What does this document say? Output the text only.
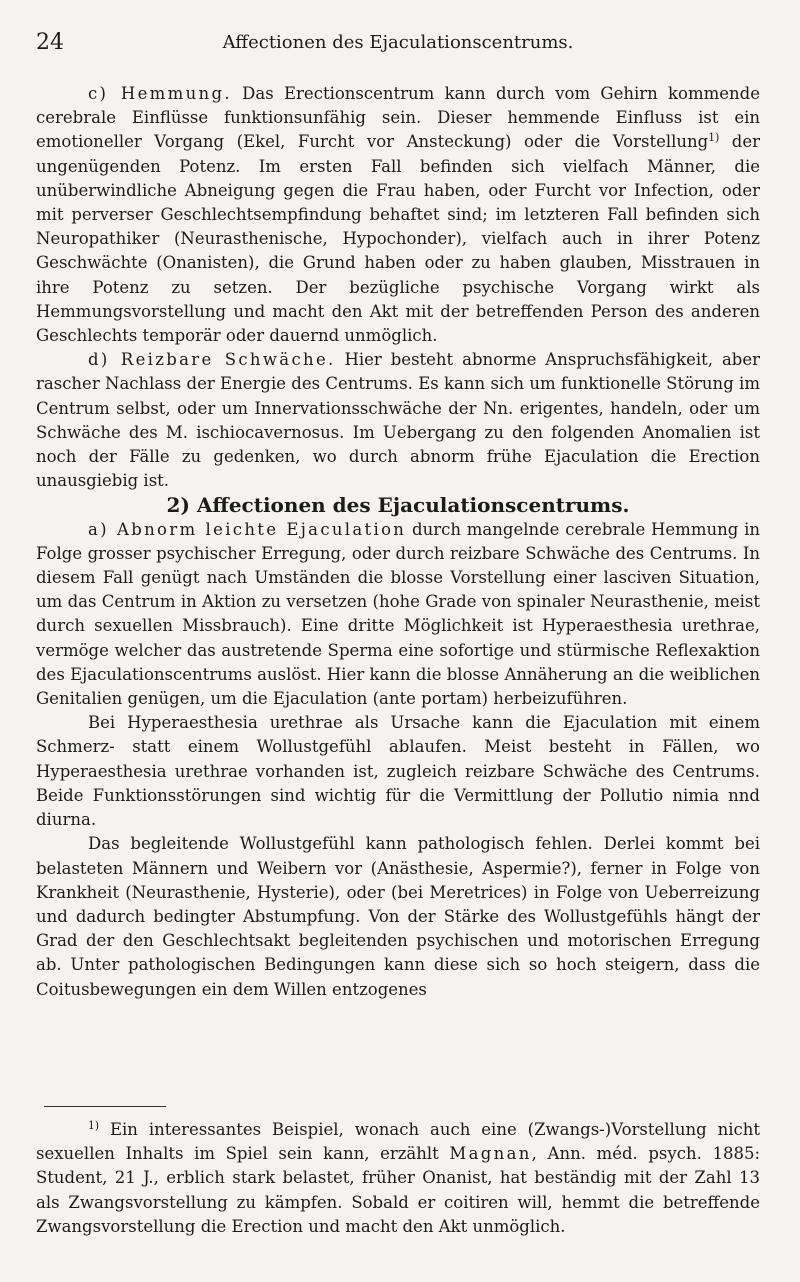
24	Affectionen des Ejaculationscentrums.

c) Hemmung. Das Erectionscentrum kann durch vom Gehirn kommende cerebrale Einflüsse funktionsunfähig sein. Dieser hemmende Einfluss ist ein emotioneller Vorgang (Ekel, Furcht vor Ansteckung) oder die Vorstellung$^{1)}$ der ungenügenden Potenz. Im ersten Fall befinden sich vielfach Männer, die unüberwindliche Abneigung gegen die Frau haben, oder Furcht vor Infection, oder mit perverser Geschlechtsempfindung behaftet sind; im letzteren Fall befinden sich Neuropathiker (Neurasthenische, Hypochonder), vielfach auch in ihrer Potenz Geschwächte (Onanisten), die Grund haben oder zu haben glauben, Misstrauen in ihre Potenz zu setzen. Der bezügliche psychische Vorgang wirkt als Hemmungsvorstellung und macht den Akt mit der betreffenden Person des anderen Geschlechts temporär oder dauernd unmöglich.

d) Reizbare Schwäche. Hier besteht abnorme Anspruchsfähigkeit, aber rascher Nachlass der Energie des Centrums. Es kann sich um funktionelle Störung im Centrum selbst, oder um Innervationsschwäche der Nn. erigentes, handeln, oder um Schwäche des M. ischiocavernosus. Im Uebergang zu den folgenden Anomalien ist noch der Fälle zu gedenken, wo durch abnorm frühe Ejaculation die Erection unausgiebig ist.

2) Affectionen des Ejaculationscentrums.

a) Abnorm leichte Ejaculation durch mangelnde cerebrale Hemmung in Folge grosser psychischer Erregung, oder durch reizbare Schwäche des Centrums. In diesem Fall genügt nach Umständen die blosse Vorstellung einer lasciven Situation, um das Centrum in Aktion zu versetzen (hohe Grade von spinaler Neurasthenie, meist durch sexuellen Missbrauch). Eine dritte Möglichkeit ist Hyperaesthesia urethrae, vermöge welcher das austretende Sperma eine sofortige und stürmische Reflexaktion des Ejaculationscentrums auslöst. Hier kann die blosse Annäherung an die weiblichen Genitalien genügen, um die Ejaculation (ante portam) herbeizuführen.

Bei Hyperaesthesia urethrae als Ursache kann die Ejaculation mit einem Schmerz- statt einem Wollustgefühl ablaufen. Meist besteht in Fällen, wo Hyperaesthesia urethrae vorhanden ist, zugleich reizbare Schwäche des Centrums. Beide Funktionsstörungen sind wichtig für die Vermittlung der Pollutio nimia nnd diurna.

Das begleitende Wollustgefühl kann pathologisch fehlen. Derlei kommt bei belasteten Männern und Weibern vor (Anästhesie, Aspermie?), ferner in Folge von Krankheit (Neurasthenie, Hysterie), oder (bei Meretrices) in Folge von Ueberreizung und dadurch bedingter Abstumpfung. Von der Stärke des Wollustgefühls hängt der Grad der den Geschlechtsakt begleitenden psychischen und motorischen Erregung ab. Unter pathologischen Bedingungen kann diese sich so hoch steigern, dass die Coitusbewegungen ein dem Willen entzogenes

$^{1)}$ Ein interessantes Beispiel, wonach auch eine (Zwangs-)Vorstellung nicht sexuellen Inhalts im Spiel sein kann, erzählt Magnan, Ann. méd. psych. 1885: Student, 21 J., erblich stark belastet, früher Onanist, hat beständig mit der Zahl 13 als Zwangsvorstellung zu kämpfen. Sobald er coitiren will, hemmt die betreffende Zwangsvorstellung die Erection und macht den Akt unmöglich.
